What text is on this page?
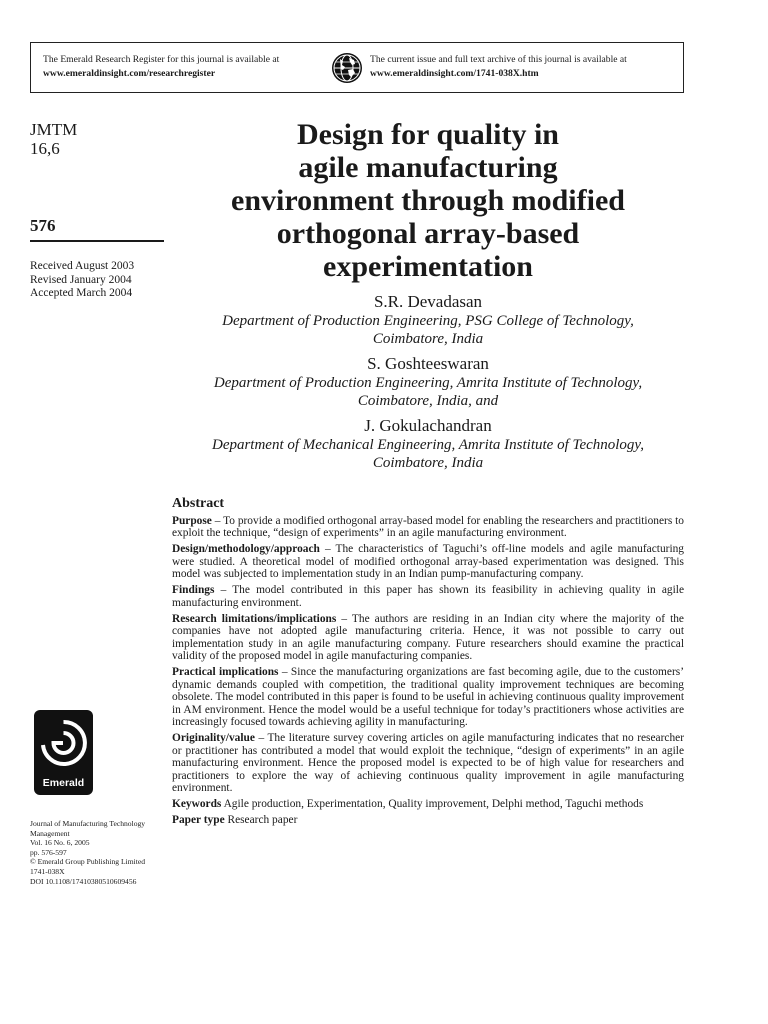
The Emerald Research Register for this journal is available at
www.emeraldinsight.com/researchregister
The current issue and full text archive of this journal is available at
www.emeraldinsight.com/1741-038X.htm
JMTM
16,6
576
Received August 2003
Revised January 2004
Accepted March 2004
Design for quality in
agile manufacturing
environment through modified
orthogonal array-based
experimentation
S.R. Devadasan
Department of Production Engineering, PSG College of Technology,
Coimbatore, India
S. Goshteeswaran
Department of Production Engineering, Amrita Institute of Technology,
Coimbatore, India, and
J. Gokulachandran
Department of Mechanical Engineering, Amrita Institute of Technology,
Coimbatore, India
Abstract
Purpose – To provide a modified orthogonal array-based model for enabling the researchers and practitioners to exploit the technique, “design of experiments” in an agile manufacturing environment.
Design/methodology/approach – The characteristics of Taguchi’s off-line models and agile manufacturing were studied. A theoretical model of modified orthogonal array-based experimentation was designed. This model was subjected to implementation study in an Indian pump-manufacturing company.
Findings – The model contributed in this paper has shown its feasibility in achieving quality in agile manufacturing environment.
Research limitations/implications – The authors are residing in an Indian city where the majority of the companies have not adopted agile manufacturing criteria. Hence, it was not possible to carry out implementation study in an agile manufacturing company. Future researchers should examine the practical validity of the proposed model in agile manufacturing companies.
Practical implications – Since the manufacturing organizations are fast becoming agile, due to the customers’ dynamic demands coupled with competition, the traditional quality improvement techniques are becoming obsolete. The model contributed in this paper is found to be useful in achieving continuous quality improvement in AM environment. Hence the model would be a useful technique for today’s practitioners whose activities are increasingly focused towards achieving agility in manufacturing.
Originality/value – The literature survey covering articles on agile manufacturing indicates that no researcher or practitioner has contributed a model that would exploit the technique, “design of experiments” in an agile manufacturing environment. Hence the proposed model is expected to be of high value for researchers and practitioners to explore the way of achieving continuous quality improvement in agile manufacturing environment.
Keywords Agile production, Experimentation, Quality improvement, Delphi method, Taguchi methods
Paper type Research paper
Emerald
Journal of Manufacturing Technology
Management
Vol. 16 No. 6, 2005
pp. 576-597
© Emerald Group Publishing Limited
1741-038X
DOI 10.1108/17410380510609456
